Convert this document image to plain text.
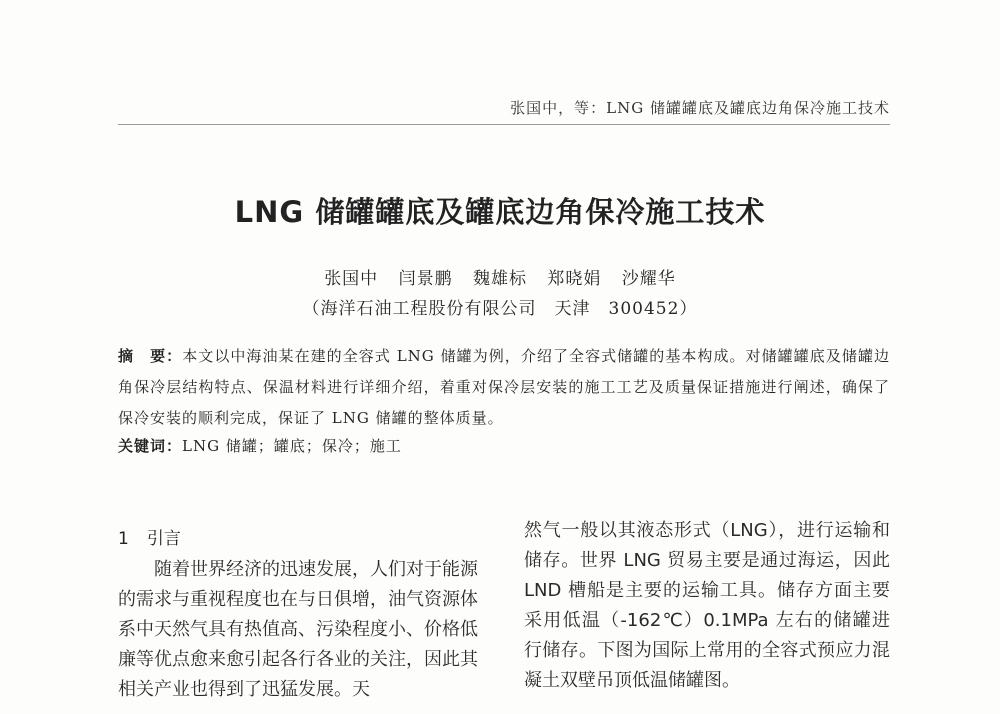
张国中，等：LNG 储罐罐底及罐底边角保冷施工技术
LNG 储罐罐底及罐底边角保冷施工技术
张国中 闫景鹏 魏雄标 郑晓娟 沙耀华
（海洋石油工程股份有限公司　天津　300452）
摘　要：本文以中海油某在建的全容式 LNG 储罐为例，介绍了全容式储罐的基本构成。对储罐罐底及储罐边角保冷层结构特点、保温材料进行详细介绍，着重对保冷层安装的施工工艺及质量保证措施进行阐述，确保了保冷安装的顺利完成，保证了 LNG 储罐的整体质量。
关键词：LNG 储罐；罐底；保冷；施工
1 引言

随着世界经济的迅速发展，人们对于能源的需求与重视程度也在与日俱增，油气资源体系中天然气具有热值高、污染程度小、价格低廉等优点愈来愈引起各行各业的关注，因此其相关产业也得到了迅猛发展。天

然气一般以其液态形式（LNG），进行运输和储存。世界 LNG 贸易主要是通过海运，因此 LND 槽船是主要的运输工具。储存方面主要采用低温（-162℃）0.1MPa 左右的储罐进行储存。下图为国际上常用的全容式预应力混凝土双壁吊顶低温储罐图。
